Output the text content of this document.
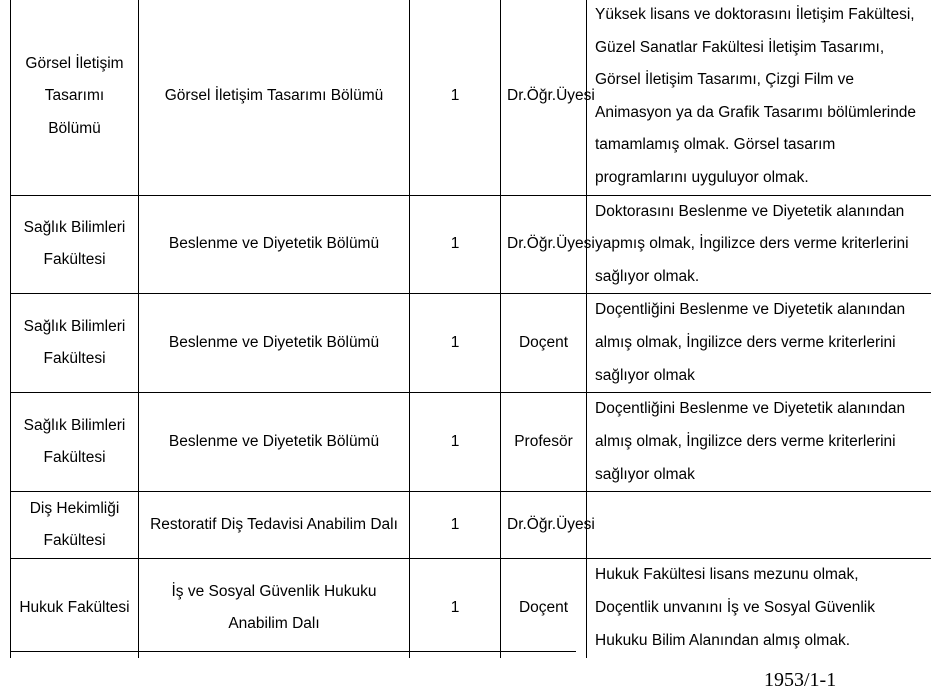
Görsel İletişim Tasarımı Bölümü	Görsel İletişim Tasarımı Bölümü	1	Dr.Öğr.Üyesi	Yüksek lisans ve doktorasını İletişim Fakültesi, Güzel Sanatlar Fakültesi İletişim Tasarımı, Görsel İletişim Tasarımı, Çizgi Film ve Animasyon ya da Grafik Tasarımı bölümlerinde tamamlamış olmak. Görsel tasarım programlarını uyguluyor olmak.
Sağlık Bilimleri Fakültesi	Beslenme ve Diyetetik Bölümü	1	Dr.Öğr.Üyesi	Doktorasını Beslenme ve Diyetetik alanından yapmış olmak, İngilizce ders verme kriterlerini sağlıyor olmak.
Sağlık Bilimleri Fakültesi	Beslenme ve Diyetetik Bölümü	1	Doçent	Doçentliğini Beslenme ve Diyetetik alanından almış olmak, İngilizce ders verme kriterlerini sağlıyor olmak
Sağlık Bilimleri Fakültesi	Beslenme ve Diyetetik Bölümü	1	Profesör	Doçentliğini Beslenme ve Diyetetik alanından almış olmak, İngilizce ders verme kriterlerini sağlıyor olmak
Diş Hekimliği Fakültesi	Restoratif Diş Tedavisi Anabilim Dalı	1	Dr.Öğr.Üyesi	
Hukuk Fakültesi	İş ve Sosyal Güvenlik Hukuku Anabilim Dalı	1	Doçent	Hukuk Fakültesi lisans mezunu olmak, Doçentlik unvanını İş ve Sosyal Güvenlik Hukuku Bilim Alanından almış olmak.
1953/1-1
